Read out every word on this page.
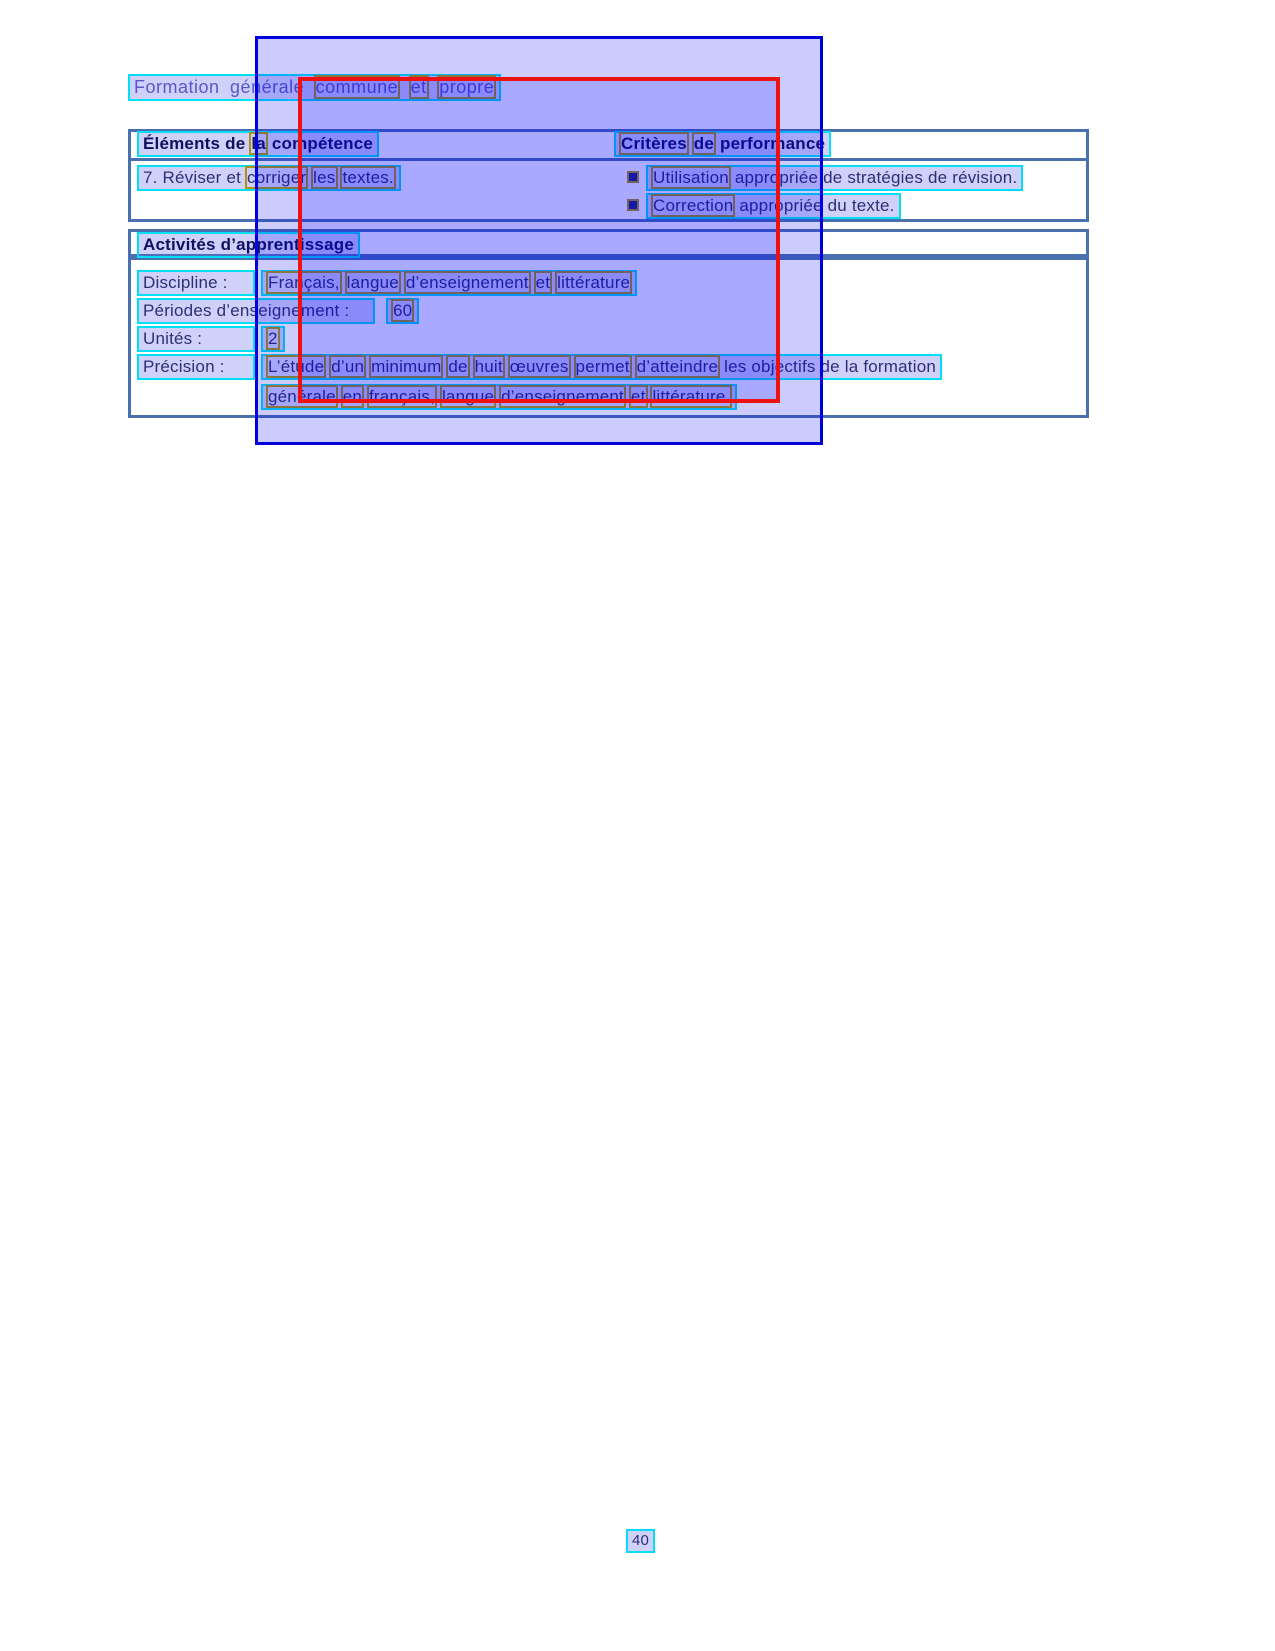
Formation générale commune et propre
Éléments de la compétence	Critères de performance
7. Réviser et corriger les textes.	Utilisation appropriée de stratégies de révision.
Correction appropriée du texte.
Activités d’apprentissage
Discipline :	Français, langue d’enseignement et littérature
Périodes d’enseignement :	60
Unités :	2
Précision :	L’étude d’un minimum de huit œuvres permet d’atteindre les objectifs de la formation
générale en français, langue d’enseignement et littérature.
40
